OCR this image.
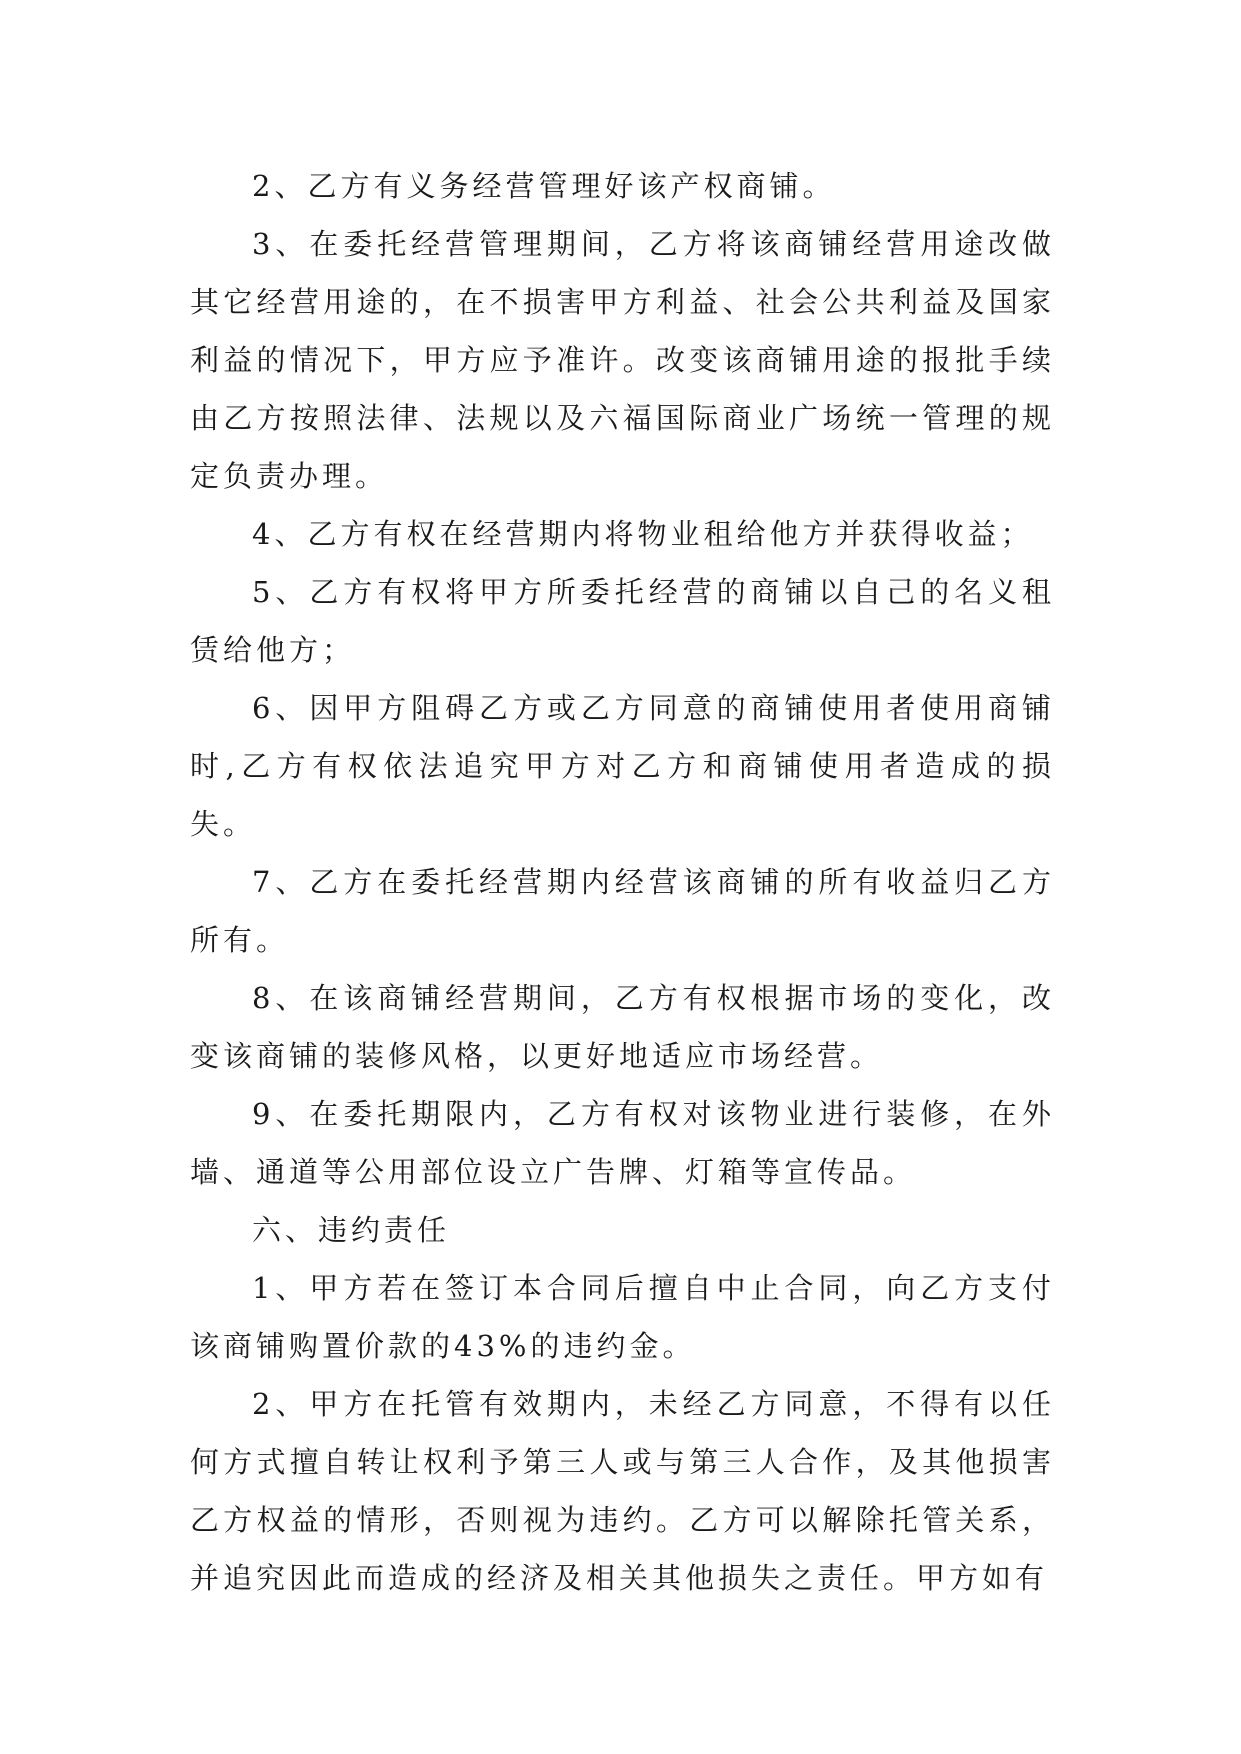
2、乙方有义务经营管理好该产权商铺。

3、在委托经营管理期间，乙方将该商铺经营用途改做其它经营用途的，在不损害甲方利益、社会公共利益及国家利益的情况下，甲方应予准许。改变该商铺用途的报批手续由乙方按照法律、法规以及六福国际商业广场统一管理的规定负责办理。

4、乙方有权在经营期内将物业租给他方并获得收益；

5、乙方有权将甲方所委托经营的商铺以自己的名义租赁给他方；

6、因甲方阻碍乙方或乙方同意的商铺使用者使用商铺时,乙方有权依法追究甲方对乙方和商铺使用者造成的损失。

7、乙方在委托经营期内经营该商铺的所有收益归乙方所有。

8、在该商铺经营期间，乙方有权根据市场的变化，改变该商铺的装修风格，以更好地适应市场经营。

9、在委托期限内，乙方有权对该物业进行装修，在外墙、通道等公用部位设立广告牌、灯箱等宣传品。

六、违约责任

1、甲方若在签订本合同后擅自中止合同，向乙方支付该商铺购置价款的43%的违约金。

2、甲方在托管有效期内，未经乙方同意，不得有以任何方式擅自转让权利予第三人或与第三人合作，及其他损害乙方权益的情形，否则视为违约。乙方可以解除托管关系，并追究因此而造成的经济及相关其他损失之责任。甲方如有
